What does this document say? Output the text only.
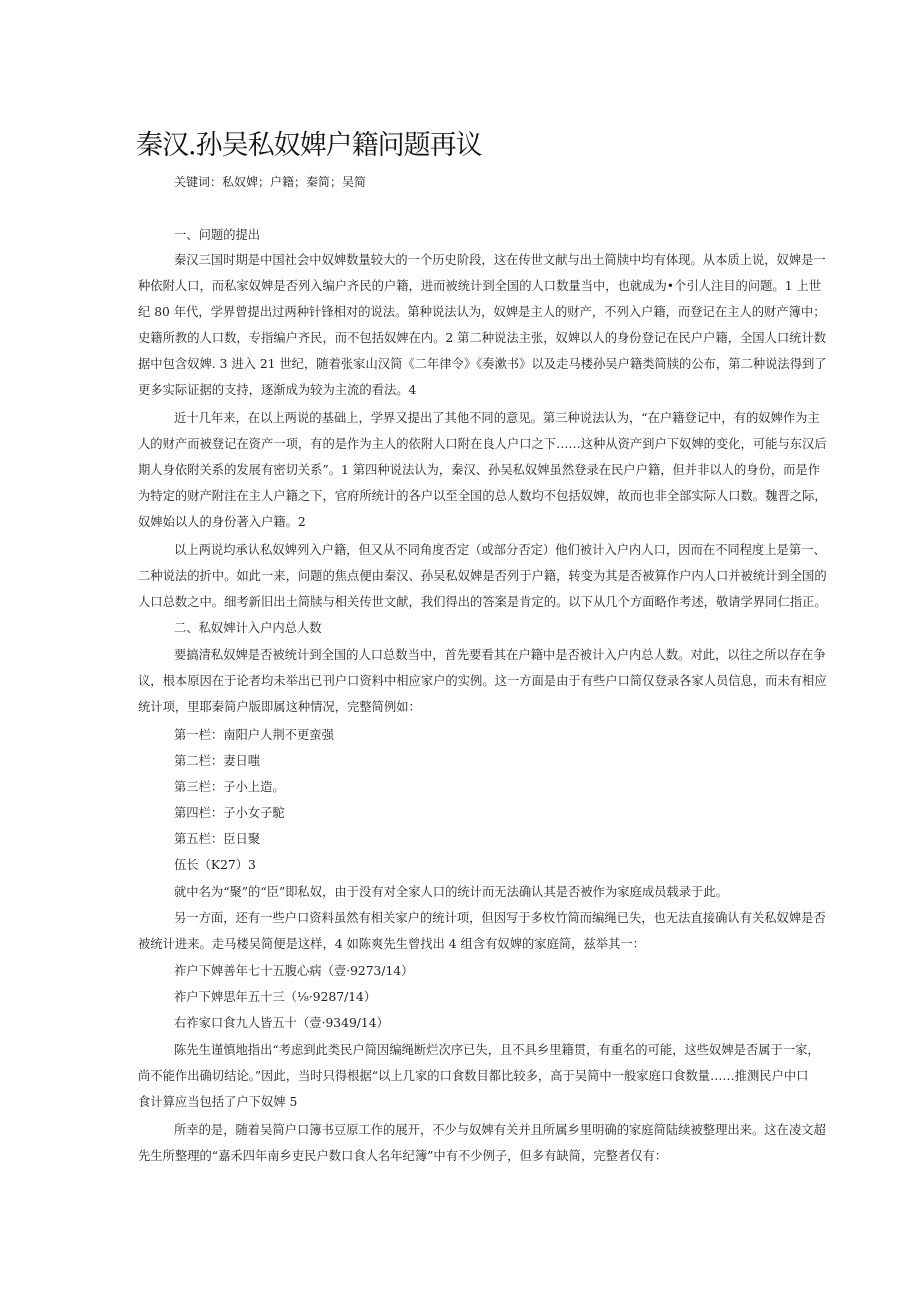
秦汉.孙吴私奴婢户籍问题再议
关键词：私奴婢；户籍；秦简；吴简
一、问题的提出
秦汉三国时期是中国社会中奴婢数量较大的一个历史阶段，这在传世文献与出土简牍中均有体现。从本质上说，奴婢是一
种依附人口，而私家奴婢是否列入编户齐民的户籍，进而被统计到全国的人口数量当中，也就成为•个引人注目的问题。1 上世
纪 80 年代，学界曾提出过两种针锋相对的说法。第种说法认为，奴婢是主人的财产，不列入户籍，而登记在主人的财产簿中；
史籍所教的人口数，专指编户齐民，而不包括奴婢在内。2 第二种说法主张，奴婢以人的身份登记在民户户籍，全国人口统计数
据中包含奴婢. 3 进入 21 世纪，随着张家山汉简《二年律令》《奏漱书》以及走马楼孙吴户籍类简牍的公布，第二种说法得到了
更多实际证据的支持，逐渐成为较为主流的看法。4
近十几年来，在以上两说的基础上，学界又提出了其他不同的意见。第三种说法认为，“在户籍登记中，有的奴婢作为主
人的财产而被登记在资产一项，有的是作为主人的依附人口附在良人户口之下……这种从资产到户下奴婢的变化，可能与东汉后
期人身依附关系的发展有密切关系”。1 第四种说法认为，秦汉、孙吴私奴婢虽然登录在民户户籍，但并非以人的身份，而是作
为特定的财产附注在主人户籍之下，官府所统计的各户以至全国的总人数均不包括奴婢，故而也非全部实际人口数。魏晋之际，
奴婢始以人的身份著入户籍。2
以上两说均承认私奴婢列入户籍，但又从不同角度否定（或部分否定）他们被计入户内人口，因而在不同程度上是第一、
二种说法的折中。如此一来，问题的焦点便由秦汉、孙吴私奴婢是否列于户籍，转变为其是否被算作户内人口并被统计到全国的
人口总数之中。细考新旧出土简牍与相关传世文献，我们得出的答案是肯定的。以下从几个方面略作考述，敬请学界同仁指正。
二、私奴婢计入户内总人数
要搞清私奴婢是否被统计到全国的人口总数当中，首先要看其在户籍中是否被计入户内总人数。对此，以往之所以存在争
议，根本原因在于论者均未举出已刊户口资料中相应家户的实例。这一方面是由于有些户口简仅登录各家人员信息，而未有相应
统计项，里耶秦简户版即属这种情况，完整简例如：
第一栏：南阳户人荆不更蛮强
第二栏：妻日嗤
第三栏：子小上造。
第四栏：子小女子駝
第五栏：臣日聚
伍长（K27）3
就中名为“聚”的“臣”即私奴，由于没有对全家人口的统计而无法确认其是否被作为家庭成员载录于此。
另一方面，还有一些户口资料虽然有相关家户的统计项，但因写于多枚竹简而编绳已失，也无法直接确认有关私奴婢是否
被统计进来。走马楼吴简便是这样，4 如陈爽先生曾找出 4 组含有奴婢的家庭简，兹举其一：
祚户下婢善年七十五腹心病（壹·9273/14）
祚户下婢思年五十三（⅛·9287/14）
右祚家口食九人皆五十（壹·9349/14）
陈先生谨慎地指出“考虑到此类民户简因编绳断烂次序已失，且不具乡里籍贯，有重名的可能，这些奴婢是否属于一家，
尚不能作出确切结论。”因此，当时只得根据“以上几家的口食数目都比较多，高于吴简中一般家庭口食数量……推测民户中口
食计算应当包括了户下奴婢 5
所幸的是，随着吴简户口簿书豆原工作的展开，不少与奴婢有关并且所属乡里明确的家庭简陆续被整理出来。这在凌文超
先生所整理的“嘉禾四年南乡吏民户数口食人名年纪簿”中有不少例子，但多有缺简，完整者仅有：
